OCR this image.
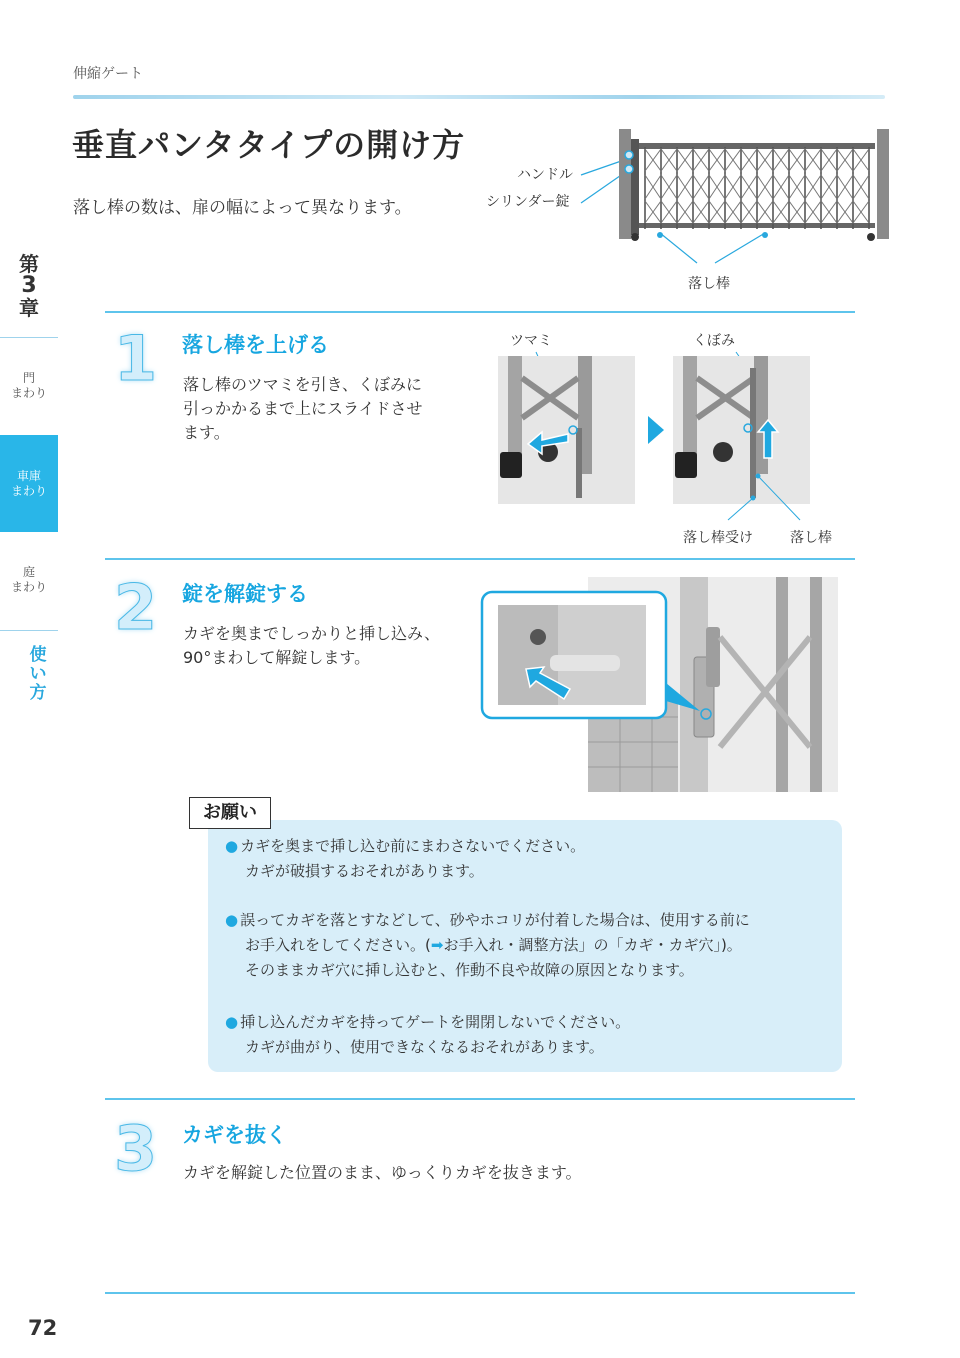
伸縮ゲート
垂直パンタタイプの開け方
落し棒の数は、扉の幅によって異なります。
ハンドル
シリンダー錠
落し棒
第
3
章
門
まわり
車庫
まわり
庭
まわり
使
い
方
1 落し棒を上げる
落し棒のツマミを引き、くぼみに
引っかかるまで上にスライドさせ
ます。
ツマミ	くぼみ
落し棒受け	落し棒
2 錠を解錠する
カギを奥までしっかりと挿し込み、
90°まわして解錠します。
お願い
● カギを奥まで挿し込む前にまわさないでください。
カギが破損するおそれがあります。
● 誤ってカギを落とすなどして、砂やホコリが付着した場合は、使用する前に
お手入れをしてください。(➡お手入れ・調整方法」の「カギ・カギ穴」)。
そのままカギ穴に挿し込むと、作動不良や故障の原因となります。
● 挿し込んだカギを持ってゲートを開閉しないでください。
カギが曲がり、使用できなくなるおそれがあります。
3 カギを抜く
カギを解錠した位置のまま、ゆっくりカギを抜きます。
72
